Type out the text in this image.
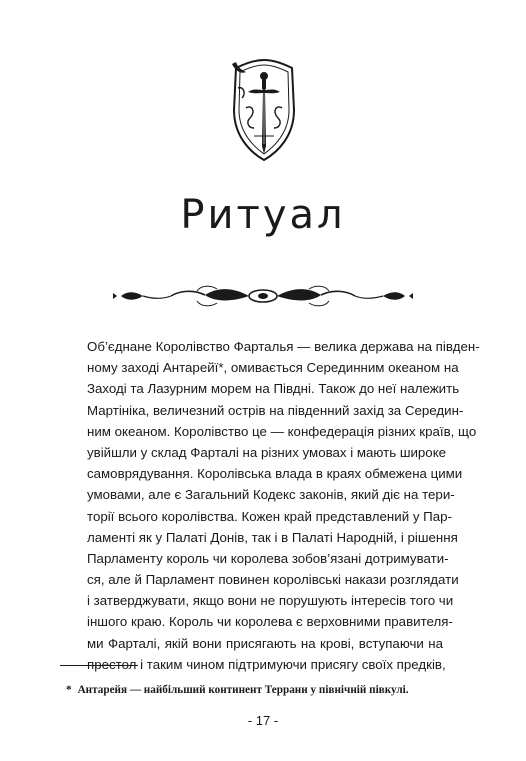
Ритуал
Об’єднане Королівство Фарталья — велика держава на півден-
ному заході Антарейї*, омивається Серединним океаном на
Заході та Лазурним морем на Півдні. Також до неї належить
Мартініка, величезний острів на південний захід за Середин-
ним океаном. Королівство це — конфедерація різних країв, що
увійшли у склад Фарталі на різних умовах і мають широке
самоврядування. Королівська влада в краях обмежена цими
умовами, але є Загальний Кодекс законів, який діє на тери-
торії всього королівства. Кожен край представлений у Пар-
ламенті як у Палаті Донів, так і в Палаті Народній, і рішення
Парламенту король чи королева зобов’язані дотримувати-
ся, але й Парламент повинен королівські накази розглядати
і затверджувати, якщо вони не порушують інтересів того чи
іншого краю. Король чи королева є верховними правителя-
ми Фарталі, якій вони присягають на крові, вступаючи на
престол і таким чином підтримуючи присягу своїх предків,
* Антарейя — найбільший континент Террани у північній півкулі.
- 17 -
